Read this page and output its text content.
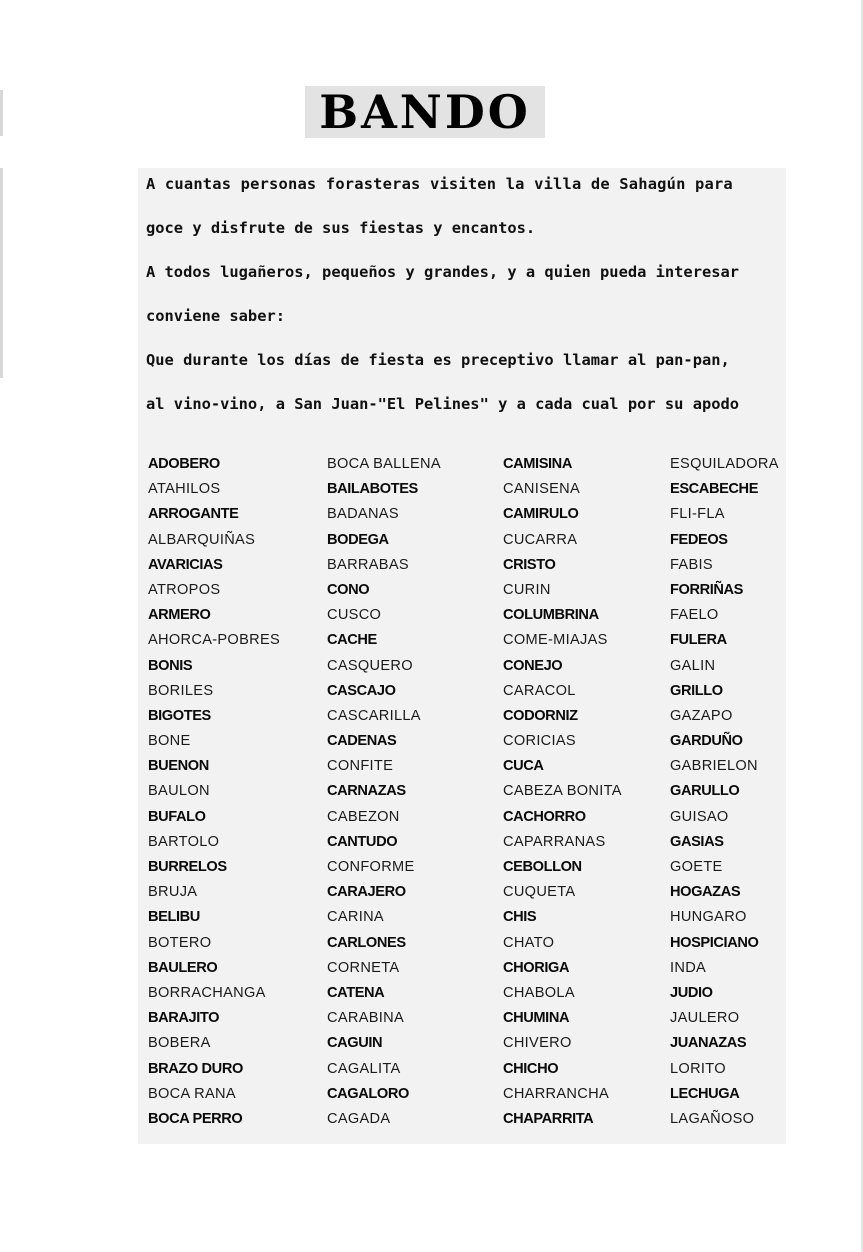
BANDO

A cuantas personas forasteras visiten la villa de Sahagún para

goce y disfrute de sus fiestas y encantos.

A todos lugañeros, pequeños y grandes, y a quien pueda interesar

conviene saber:

Que durante los días de fiesta es preceptivo llamar al pan-pan,

al vino-vino, a San Juan-"El Pelines" y a cada cual por su apodo

ADOBERO
ATAHILOS
ARROGANTE
ALBARQUIÑAS
AVARICIAS
ATROPOS
ARMERO
AHORCA-POBRES
BONIS
BORILES
BIGOTES
BONE
BUENON
BAULON
BUFALO
BARTOLO
BURRELOS
BRUJA
BELIBU
BOTERO
BAULERO
BORRACHANGA
BARAJITO
BOBERA
BRAZO DURO
BOCA RANA
BOCA PERRO
BOCA BALLENA
BAILABOTES
BADANAS
BODEGA
BARRABAS
CONO
CUSCO
CACHE
CASQUERO
CASCAJO
CASCARILLA
CADENAS
CONFITE
CARNAZAS
CABEZON
CANTUDO
CONFORME
CARAJERO
CARINA
CARLONES
CORNETA
CATENA
CARABINA
CAGUIN
CAGALITA
CAGALORO
CAGADA
CAMISINA
CANISENA
CAMIRULO
CUCARRA
CRISTO
CURIN
COLUMBRINA
COME-MIAJAS
CONEJO
CARACOL
CODORNIZ
CORICIAS
CUCA
CABEZA BONITA
CACHORRO
CAPARRANAS
CEBOLLON
CUQUETA
CHIS
CHATO
CHORIGA
CHABOLA
CHUMINA
CHIVERO
CHICHO
CHARRANCHA
CHAPARRITA
ESQUILADORA
ESCABECHE
FLI-FLA
FEDEOS
FABIS
FORRIÑAS
FAELO
FULERA
GALIN
GRILLO
GAZAPO
GARDUÑO
GABRIELON
GARULLO
GUISAO
GASIAS
GOETE
HOGAZAS
HUNGARO
HOSPICIANO
INDA
JUDIO
JAULERO
JUANAZAS
LORITO
LECHUGA
LAGAÑOSO
